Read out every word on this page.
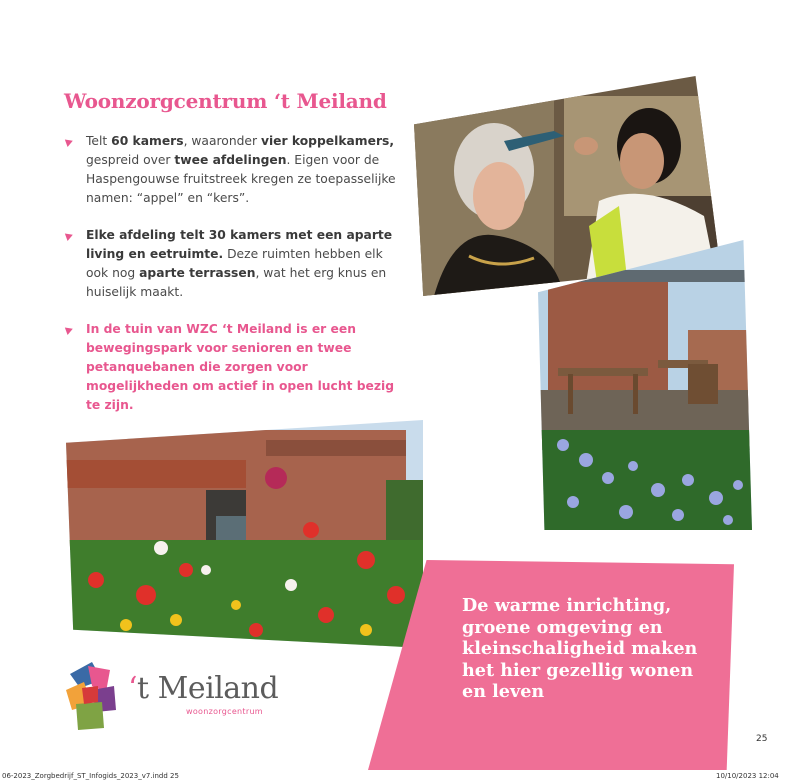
Woonzorgcentrum ‘t Meiland
Telt 60 kamers, waaronder vier koppelkamers, gespreid over twee afdelingen. Eigen voor de Haspengouwse fruitstreek kregen ze toepasselijke namen: “appel” en “kers”.
Elke afdeling telt 30 kamers met een aparte living en eetruimte. Deze ruimten hebben elk ook nog aparte terrassen, wat het erg knus en huiselijk maakt.
In de tuin van WZC ‘t Meiland is er een bewegingspark voor senioren en twee petanquebanen die zorgen voor mogelijkheden om actief in open lucht bezig te zijn.
De warme inrichting, groene omgeving en kleinschaligheid maken het hier gezellig wonen en leven
‘t Meiland
woonzorgcentrum
25
06-2023_Zorgbedrijf_ST_Infogids_2023_v7.indd 25	10/10/2023 12:04
